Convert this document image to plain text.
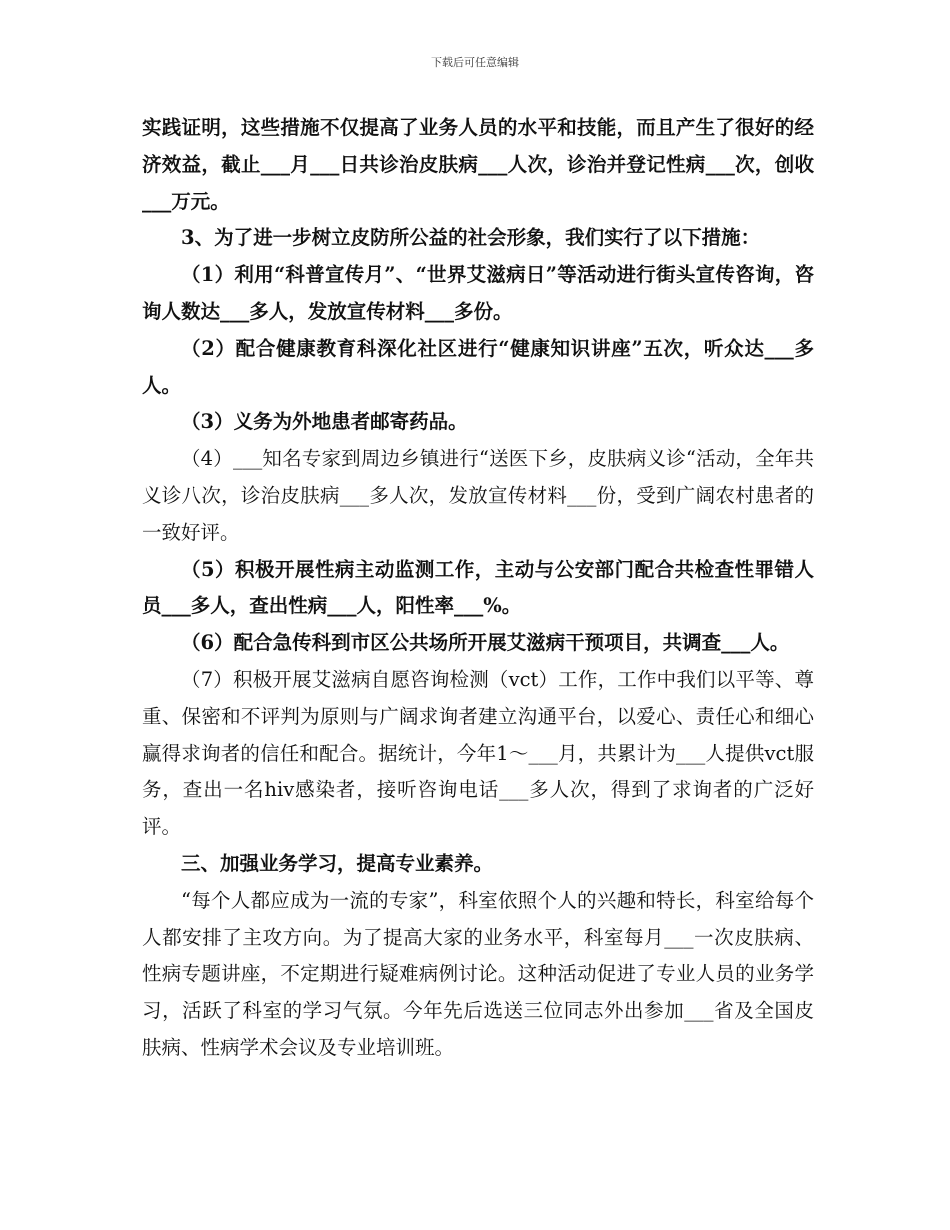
下载后可任意编辑

实践证明，这些措施不仅提高了业务人员的水平和技能，而且产生了很好的经济效益，截止___月___日共诊治皮肤病___人次，诊治并登记性病___次，创收___万元。

3、为了进一步树立皮防所公益的社会形象，我们实行了以下措施：

（1）利用“科普宣传月”、“世界艾滋病日”等活动进行街头宣传咨询，咨询人数达___多人，发放宣传材料___多份。

（2）配合健康教育科深化社区进行“健康知识讲座”五次，听众达___多人。

（3）义务为外地患者邮寄药品。

（4）___知名专家到周边乡镇进行“送医下乡，皮肤病义诊“活动，全年共义诊八次，诊治皮肤病___多人次，发放宣传材料___份，受到广阔农村患者的一致好评。

（5）积极开展性病主动监测工作，主动与公安部门配合共检查性罪错人员___多人，查出性病___人，阳性率___%。

（6）配合急传科到市区公共场所开展艾滋病干预项目，共调查___人。

（7）积极开展艾滋病自愿咨询检测（vct）工作，工作中我们以平等、尊重、保密和不评判为原则与广阔求询者建立沟通平台，以爱心、责任心和细心赢得求询者的信任和配合。据统计，今年1～___月，共累计为___人提供vct服务，查出一名hiv感染者，接听咨询电话___多人次，得到了求询者的广泛好评。

三、加强业务学习，提高专业素养。

“每个人都应成为一流的专家”，科室依照个人的兴趣和特长，科室给每个人都安排了主攻方向。为了提高大家的业务水平，科室每月___一次皮肤病、性病专题讲座，不定期进行疑难病例讨论。这种活动促进了专业人员的业务学习，活跃了科室的学习气氛。今年先后选送三位同志外出参加___省及全国皮肤病、性病学术会议及专业培训班。
